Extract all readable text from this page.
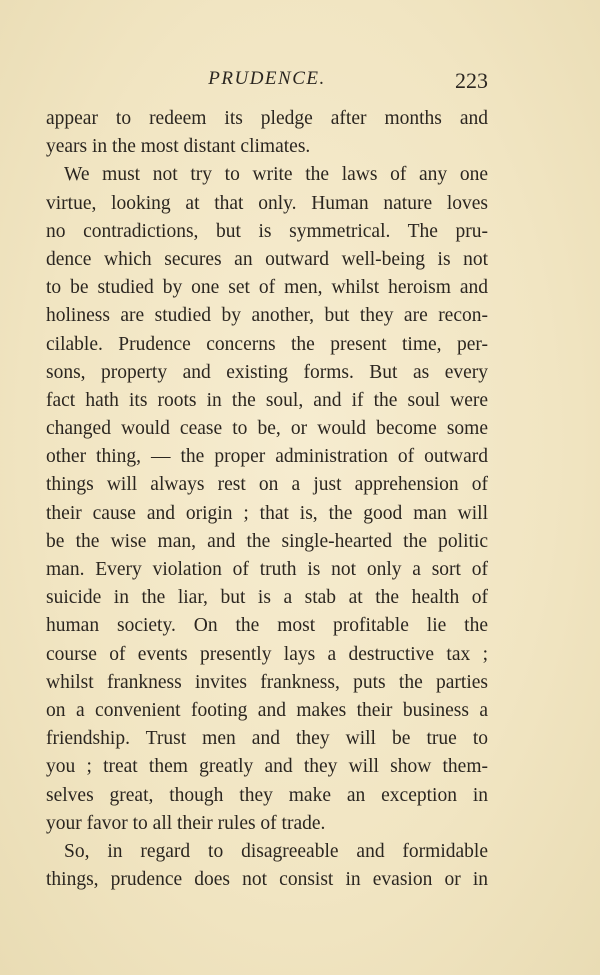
PRUDENCE.	223
appear to redeem its pledge after months and
years in the most distant climates.
We must not try to write the laws of any one
virtue, looking at that only. Human nature loves
no contradictions, but is symmetrical. The pru-
dence which secures an outward well-being is not
to be studied by one set of men, whilst heroism and
holiness are studied by another, but they are recon-
cilable. Prudence concerns the present time, per-
sons, property and existing forms. But as every
fact hath its roots in the soul, and if the soul were
changed would cease to be, or would become some
other thing, — the proper administration of outward
things will always rest on a just apprehension of
their cause and origin ; that is, the good man will
be the wise man, and the single-hearted the politic
man. Every violation of truth is not only a sort of
suicide in the liar, but is a stab at the health of
human society. On the most profitable lie the
course of events presently lays a destructive tax ;
whilst frankness invites frankness, puts the parties
on a convenient footing and makes their business a
friendship. Trust men and they will be true to
you ; treat them greatly and they will show them-
selves great, though they make an exception in
your favor to all their rules of trade.
So, in regard to disagreeable and formidable
things, prudence does not consist in evasion or in
